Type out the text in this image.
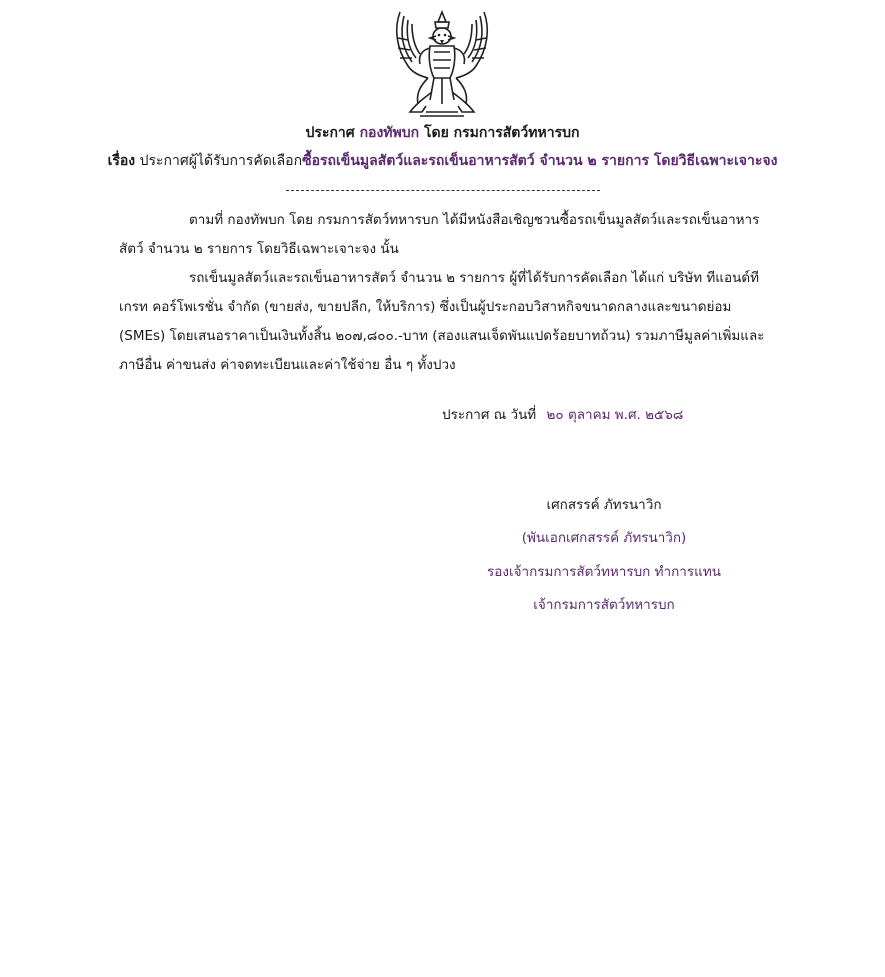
ประกาศ กองทัพบก โดย กรมการสัตว์ทหารบก
เรื่อง ประกาศผู้ได้รับการคัดเลือกซื้อรถเข็นมูลสัตว์และรถเข็นอาหารสัตว์ จำนวน ๒ รายการ โดยวิธีเฉพาะเจาะจง
ตามที่ กองทัพบก โดย กรมการสัตว์ทหารบก ได้มีหนังสือเชิญชวนซื้อรถเข็นมูลสัตว์และรถเข็นอาหารสัตว์ จำนวน ๒ รายการ โดยวิธีเฉพาะเจาะจง นั้น
รถเข็นมูลสัตว์และรถเข็นอาหารสัตว์ จำนวน ๒ รายการ ผู้ที่ได้รับการคัดเลือก ได้แก่ บริษัท ทีแอนด์ที เกรท คอร์โพเรชั่น จำกัด (ขายส่ง, ขายปลีก, ให้บริการ) ซึ่งเป็นผู้ประกอบวิสาหกิจขนาดกลางและขนาดย่อม (SMEs) โดยเสนอราคาเป็นเงินทั้งสิ้น ๒๐๗,๘๐๐.-บาท (สองแสนเจ็ดพันแปดร้อยบาทถ้วน) รวมภาษีมูลค่าเพิ่มและภาษีอื่น ค่าขนส่ง ค่าจดทะเบียนและค่าใช้จ่าย อื่น ๆ ทั้งปวง
ประกาศ ณ วันที่ ๒๐ ตุลาคม พ.ศ. ๒๕๖๘
เศกสรรค์ ภัทรนาวิก
(พันเอกเศกสรรค์ ภัทรนาวิก)
รองเจ้ากรมการสัตว์ทหารบก ทำการแทน
เจ้ากรมการสัตว์ทหารบก
